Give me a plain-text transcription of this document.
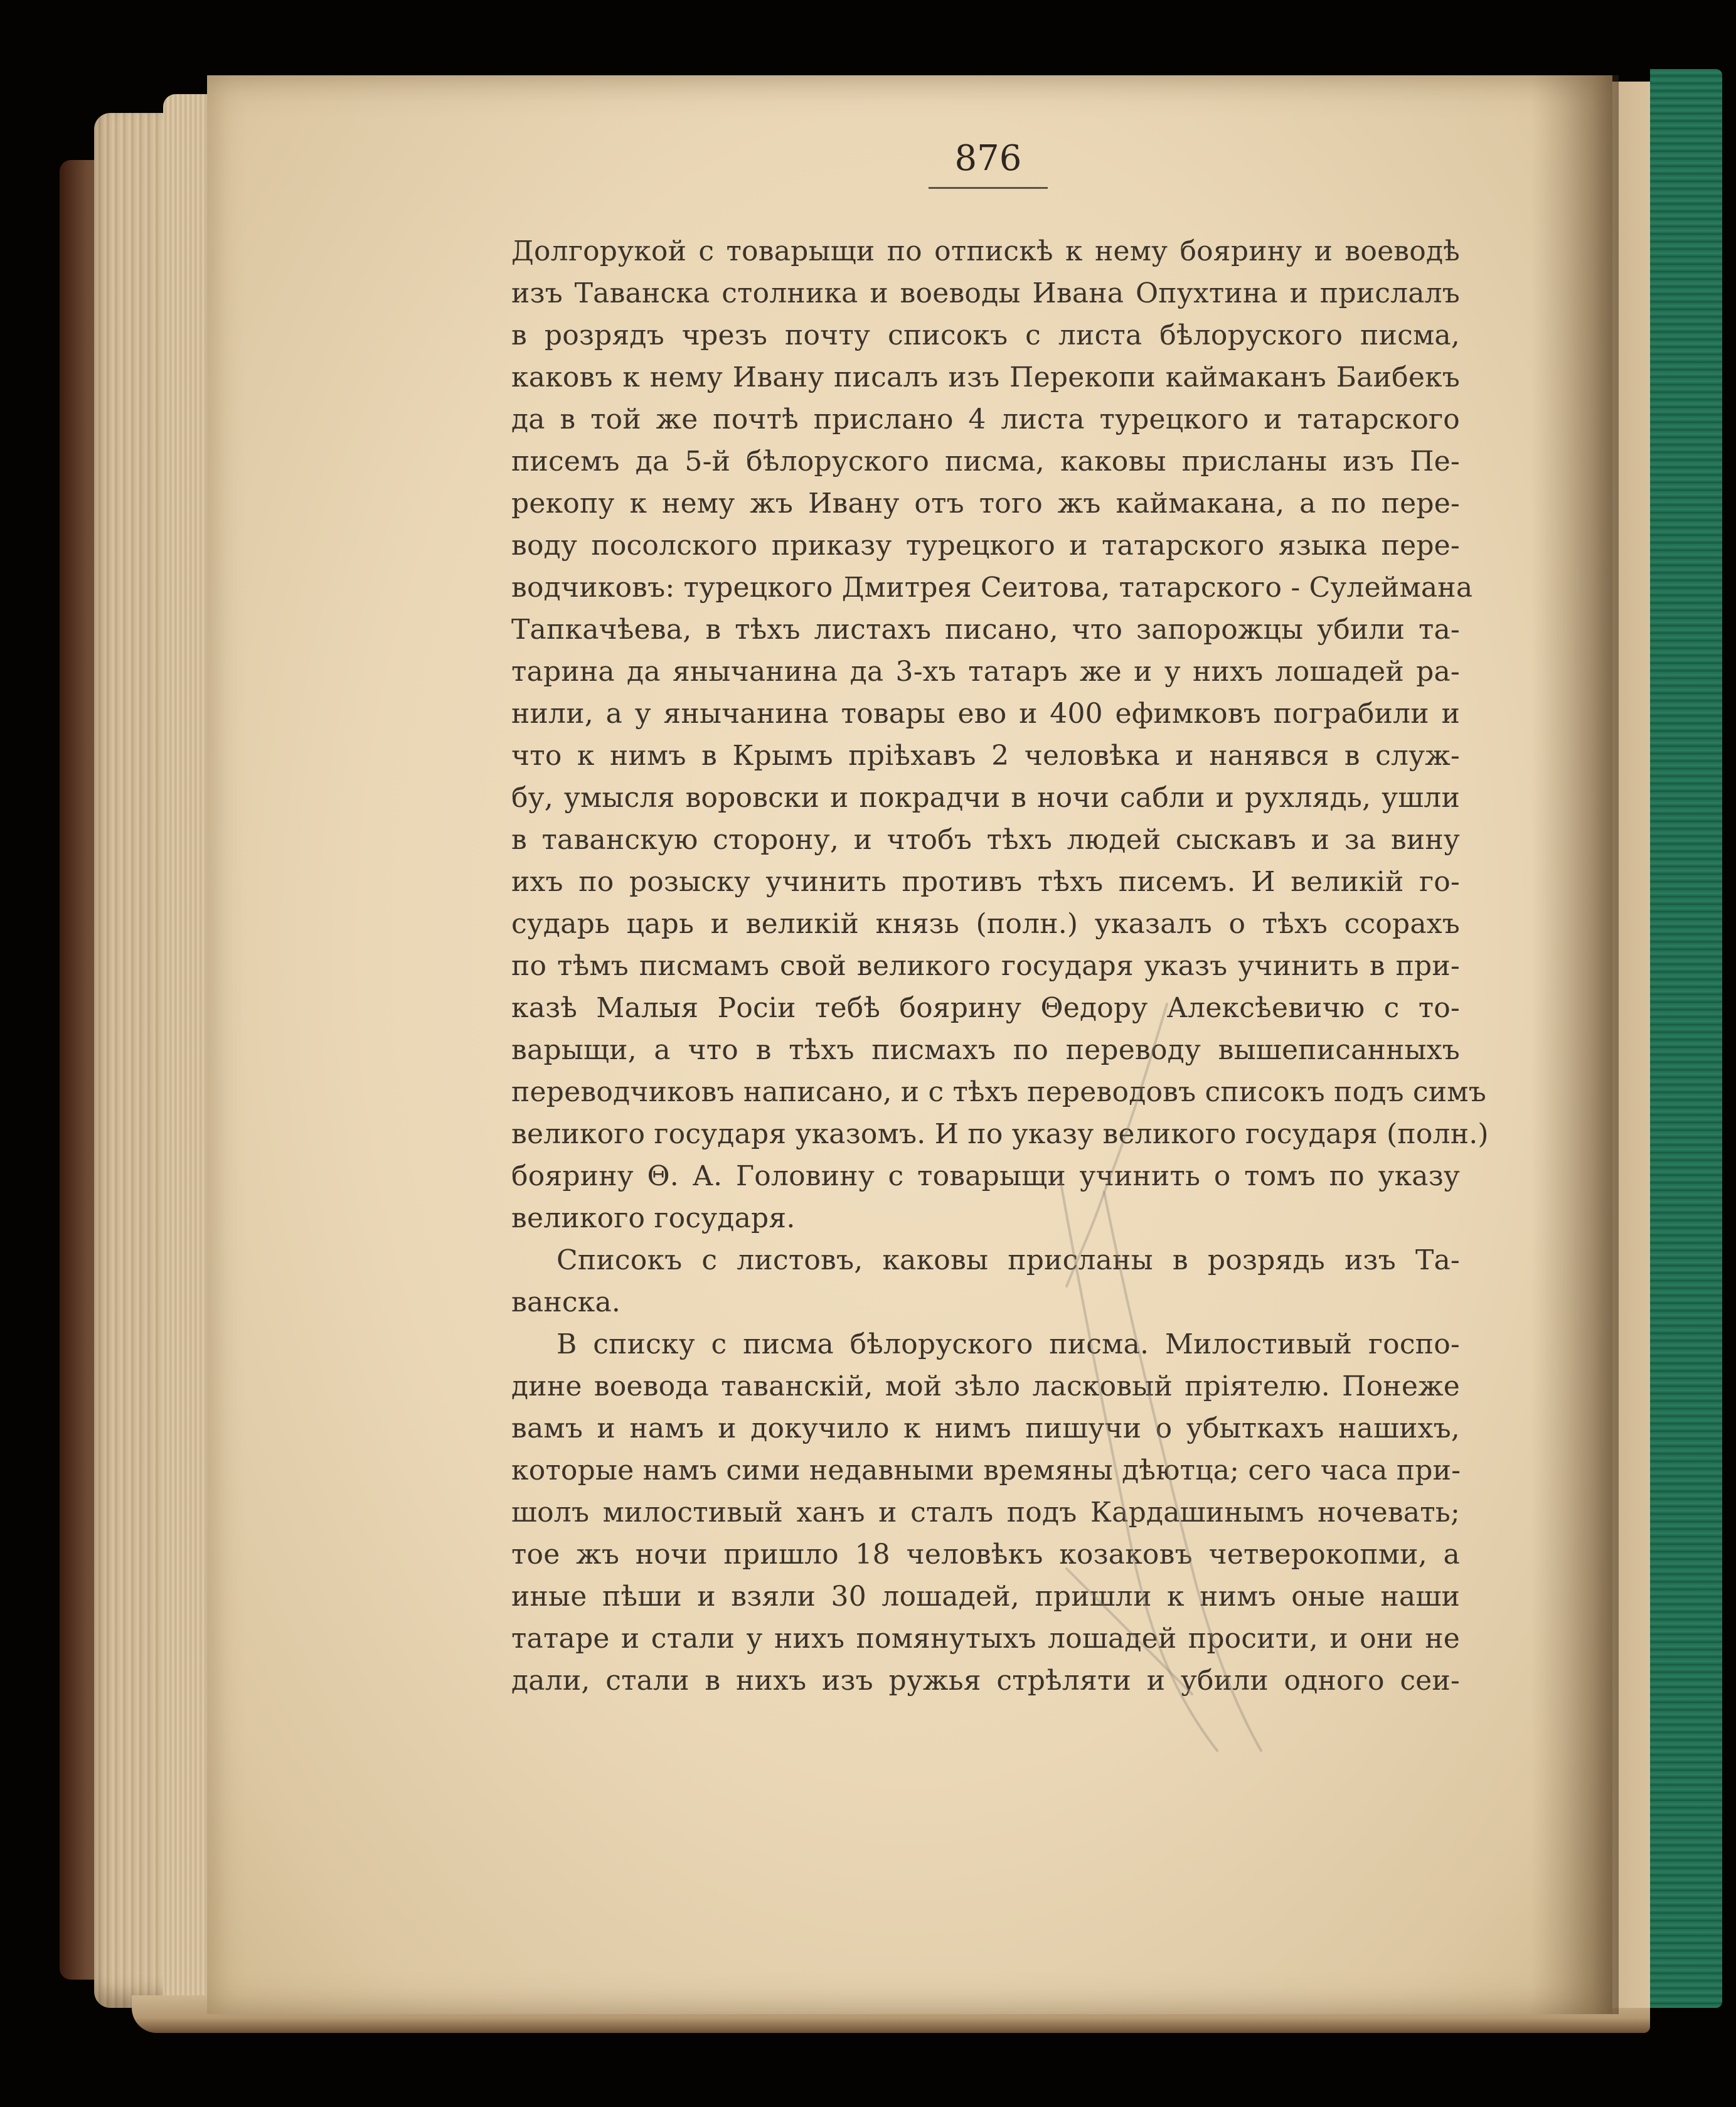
876
Долгорукой с товарыщи по отпискѣ к нему боярину и воеводѣ
изъ Таванска столника и воеводы Ивана Опухтина и прислалъ
в розрядъ чрезъ почту списокъ с листа бѣлоруского писма,
каковъ к нему Ивану писалъ изъ Перекопи каймаканъ Баибекъ
да в той же почтѣ прислано 4 листа турецкого и татарского
писемъ да 5-й бѣлоруского писма, каковы присланы изъ Пе-
рекопу к нему жъ Ивану отъ того жъ каймакана, а по пере-
воду посолского приказу турецкого и татарского языка пере-
водчиковъ: турецкого Дмитрея Сеитова, татарского - Сулеймана
Тапкачѣева, в тѣхъ листахъ писано, что запорожцы убили та-
тарина да янычанина да 3-хъ татаръ же и у нихъ лошадей ра-
нили, а у янычанина товары ево и 400 ефимковъ пограбили и
что к нимъ в Крымъ прiѣхавъ 2 человѣка и нанявся в служ-
бу, умысля воровски и покрадчи в ночи сабли и рухлядь, ушли
в таванскую сторону, и чтобъ тѣхъ людей сыскавъ и за вину
ихъ по розыску учинить противъ тѣхъ писемъ. И великiй го-
сударь царь и великiй князь (полн.) указалъ о тѣхъ ссорахъ
по тѣмъ писмамъ свой великого государя указъ учинить в при-
казѣ Малыя Росiи тебѣ боярину Θедору Алексѣевичю с то-
варыщи, а что в тѣхъ писмахъ по переводу вышеписанныхъ
переводчиковъ написано, и с тѣхъ переводовъ списокъ подъ симъ
великого государя указомъ. И по указу великого государя (полн.)
боярину Θ. А. Головину с товарыщи учинить о томъ по указу
великого государя.
Списокъ с листовъ, каковы присланы в розрядь изъ Та-
ванска.
В списку с писма бѣлоруского писма. Милостивый госпо-
дине воевода таванскiй, мой зѣло ласковый прiятелю. Понеже
вамъ и намъ и докучило к нимъ пишучи о убыткахъ нашихъ,
которые намъ сими недавными времяны дѣютца; сего часа при-
шолъ милостивый ханъ и сталъ подъ Кардашинымъ ночевать;
тое жъ ночи пришло 18 человѣкъ козаковъ четверокопми, а
иные пѣши и взяли 30 лошадей, пришли к нимъ оные наши
татаре и стали у нихъ помянутыхъ лошадей просити, и они не
дали, стали в нихъ изъ ружья стрѣляти и убили одного сеи-
